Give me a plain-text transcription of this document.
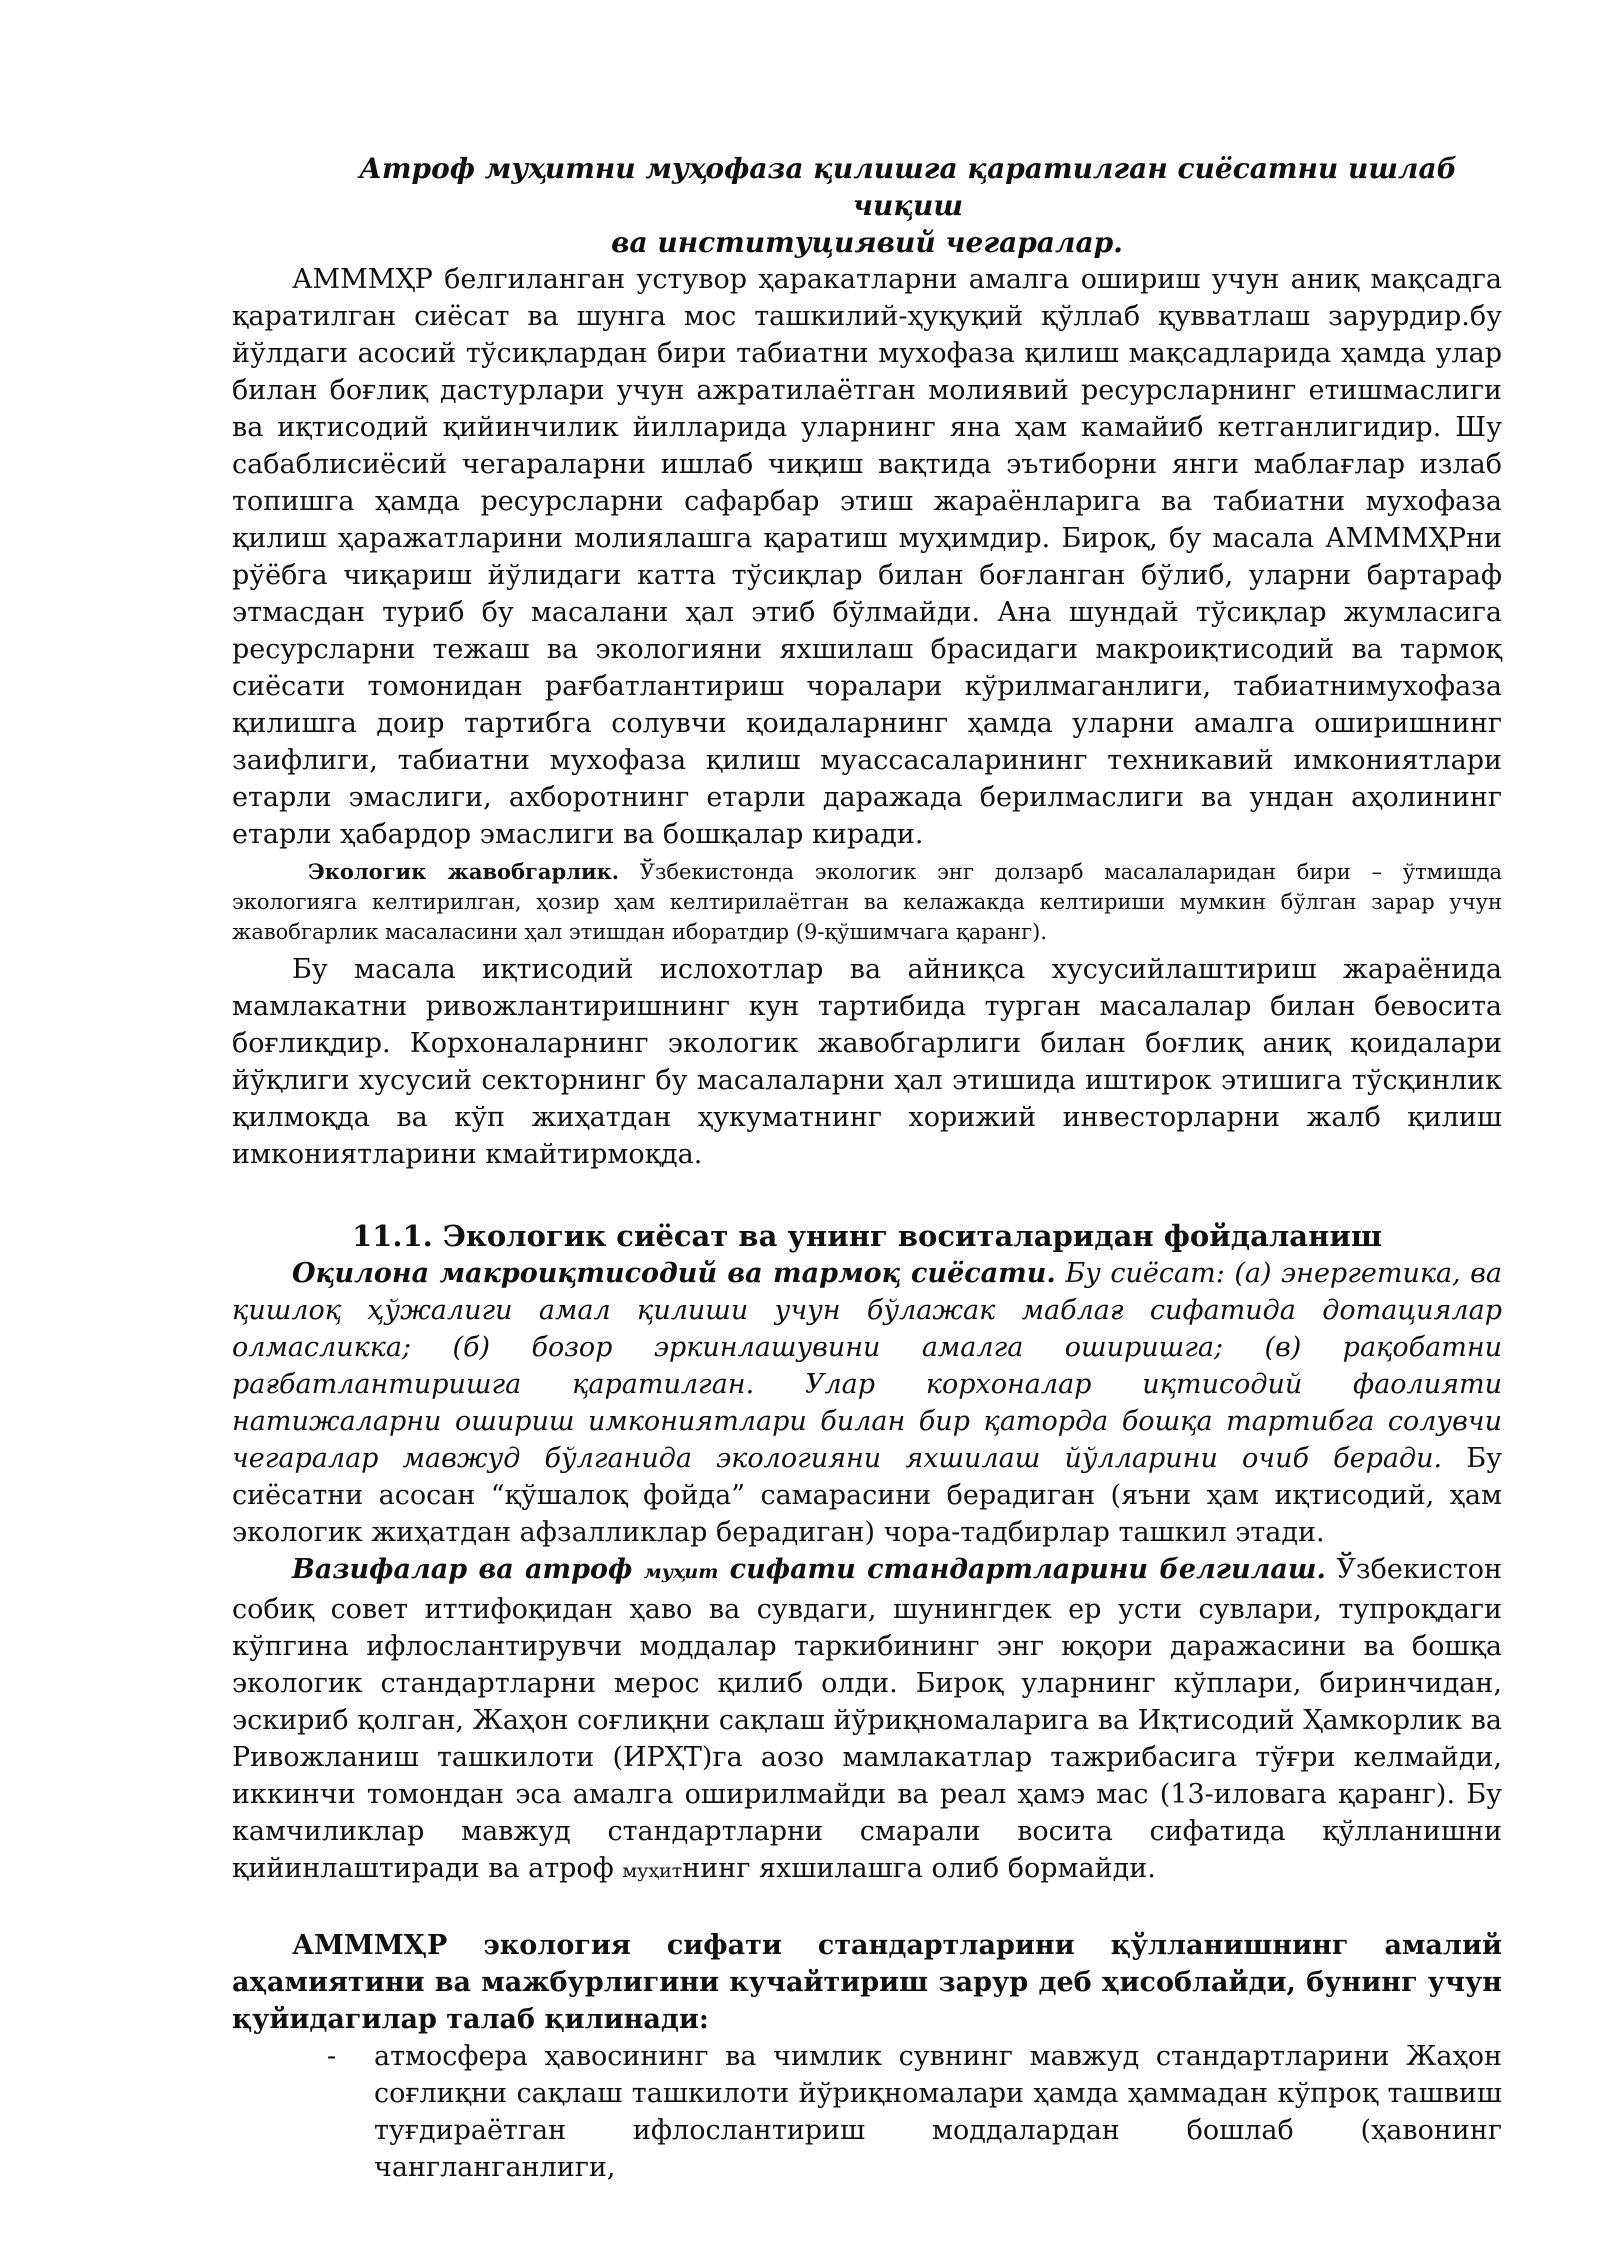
Атроф муҳитни муҳофаза қилишга қаратилган сиёсатни ишлаб чиқиш
ва институциявий чегаралар.

АМММҲР белгиланган устувор ҳаракатларни амалга ошириш учун аниқ мақсадга қаратилган сиёсат ва шунга мос ташкилий-ҳуқуқий қўллаб қувватлаш зарурдир.бу йўлдаги асосий тўсиқлардан бири табиатни мухофаза қилиш мақсадларида ҳамда улар билан боғлиқ дастурлари учун ажратилаётган молиявий ресурсларнинг етишмаслиги ва иқтисодий қийинчилик йилларида уларнинг яна ҳам камайиб кетганлигидир. Шу сабаблисиёсий чегараларни ишлаб чиқиш вақтида эътиборни янги маблағлар излаб топишга ҳамда ресурсларни сафарбар этиш жараёнларига ва табиатни мухофаза қилиш ҳаражатларини молиялашга қаратиш муҳимдир. Бироқ, бу масала АМММҲРни рўёбга чиқариш йўлидаги катта тўсиқлар билан боғланган бўлиб, уларни бартараф этмасдан туриб бу масалани ҳал этиб бўлмайди. Ана шундай тўсиқлар жумласига ресурсларни тежаш ва экологияни яхшилаш брасидаги макроиқтисодий ва тармоқ сиёсати томонидан рағбатлантириш чоралари кўрилмаганлиги, табиатнимухофаза қилишга доир тартибга солувчи қоидаларнинг ҳамда уларни амалга оширишнинг заифлиги, табиатни мухофаза қилиш муассасаларининг техникавий имкониятлари етарли эмаслиги, ахборотнинг етарли даражада берилмаслиги ва ундан аҳолининг етарли ҳабардор эмаслиги ва бошқалар киради.

Экологик жавобгарлик. Ўзбекистонда экологик энг долзарб масалаларидан бири – ўтмишда экологияга келтирилган, ҳозир ҳам келтирилаётган ва келажакда келтириши мумкин бўлган зарар учун жавобгарлик масаласини ҳал этишдан иборатдир (9-қўшимчага қаранг).

Бу масала иқтисодий ислохотлар ва айниқса хусусийлаштириш жараёнида мамлакатни ривожлантиришнинг кун тартибида турган масалалар билан бевосита боғлиқдир. Корхоналарнинг экологик жавобгарлиги билан боғлиқ аниқ қоидалари йўқлиги хусусий секторнинг бу масалаларни ҳал этишида иштирок этишига тўсқинлик қилмоқда ва кўп жиҳатдан ҳукуматнинг хорижий инвесторларни жалб қилиш имкониятларини кмайтирмоқда.

11.1. Экологик сиёсат ва унинг воситаларидан фойдаланиш

Оқилона макроиқтисодий ва тармоқ сиёсати. Бу сиёсат: (а) энергетика, ва қишлоқ ҳўжалиги амал қилиши учун бўлажак маблағ сифатида дотациялар олмасликка; (б) бозор эркинлашувини амалга оширишга; (в) рақобатни рағбатлантиришга қаратилган. Улар корхоналар иқтисодий фаолияти натижаларни ошириш имкониятлари билан бир қаторда бошқа тартибга солувчи чегаралар мавжуд бўлганида экологияни яхшилаш йўлларини очиб беради. Бу сиёсатни асосан “қўшалоқ фойда” самарасини берадиган (яъни ҳам иқтисодий, ҳам экологик жиҳатдан афзалликлар берадиган) чора-тадбирлар ташкил этади.

Вазифалар ва атроф муҳит сифати стандартларини белгилаш. Ўзбекистон собиқ совет иттифоқидан ҳаво ва сувдаги, шунингдек ер усти сувлари, тупроқдаги кўпгина ифлослантирувчи моддалар таркибининг энг юқори даражасини ва бошқа экологик стандартларни мерос қилиб олди. Бироқ уларнинг кўплари, биринчидан, эскириб қолган, Жаҳон соғлиқни сақлаш йўриқномаларига ва Иқтисодий Ҳамкорлик ва Ривожланиш ташкилоти (ИРҲТ)га аозо мамлакатлар тажрибасига тўғри келмайди, иккинчи томондан эса амалга оширилмайди ва реал ҳамэ мас (13-иловага қаранг). Бу камчиликлар мавжуд стандартларни смарали восита сифатида қўлланишни қийинлаштиради ва атроф муҳитнинг яхшилашга олиб бормайди.

АМММҲР экология сифати стандартларини қўлланишнинг амалий аҳамиятини ва мажбурлигини кучайтириш зарур деб ҳисоблайди, бунинг учун қуйидагилар талаб қилинади:

-	атмосфера ҳавосининг ва чимлик сувнинг мавжуд стандартларини Жаҳон соғлиқни сақлаш ташкилоти йўриқномалари ҳамда ҳаммадан кўпроқ ташвиш туғдираётган ифлослантириш моддалардан бошлаб (ҳавонинг чангланганлиги,
